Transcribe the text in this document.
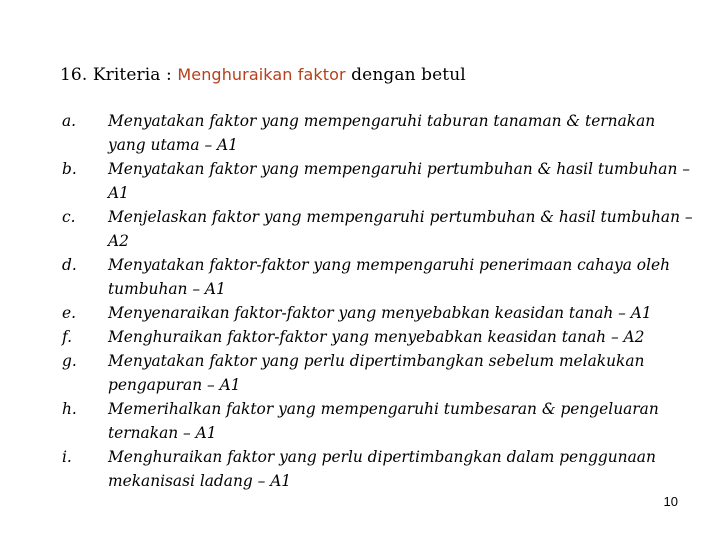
16. Kriteria : Menghuraikan faktor dengan betul
a.	Menyatakan faktor yang mempengaruhi taburan tanaman & ternakan yang utama – A1
b.	Menyatakan faktor yang mempengaruhi pertumbuhan & hasil tumbuhan – A1
c.	Menjelaskan faktor yang mempengaruhi pertumbuhan & hasil tumbuhan – A2
d.	Menyatakan faktor-faktor yang mempengaruhi penerimaan cahaya oleh tumbuhan – A1
e.	Menyenaraikan faktor-faktor yang menyebabkan keasidan tanah – A1
f.	Menghuraikan faktor-faktor yang menyebabkan keasidan tanah – A2
g.	Menyatakan faktor yang perlu dipertimbangkan sebelum melakukan pengapuran – A1
h.	Memerihalkan faktor yang mempengaruhi tumbesaran & pengeluaran ternakan – A1
i.	Menghuraikan faktor yang perlu dipertimbangkan dalam penggunaan mekanisasi ladang – A1
10
